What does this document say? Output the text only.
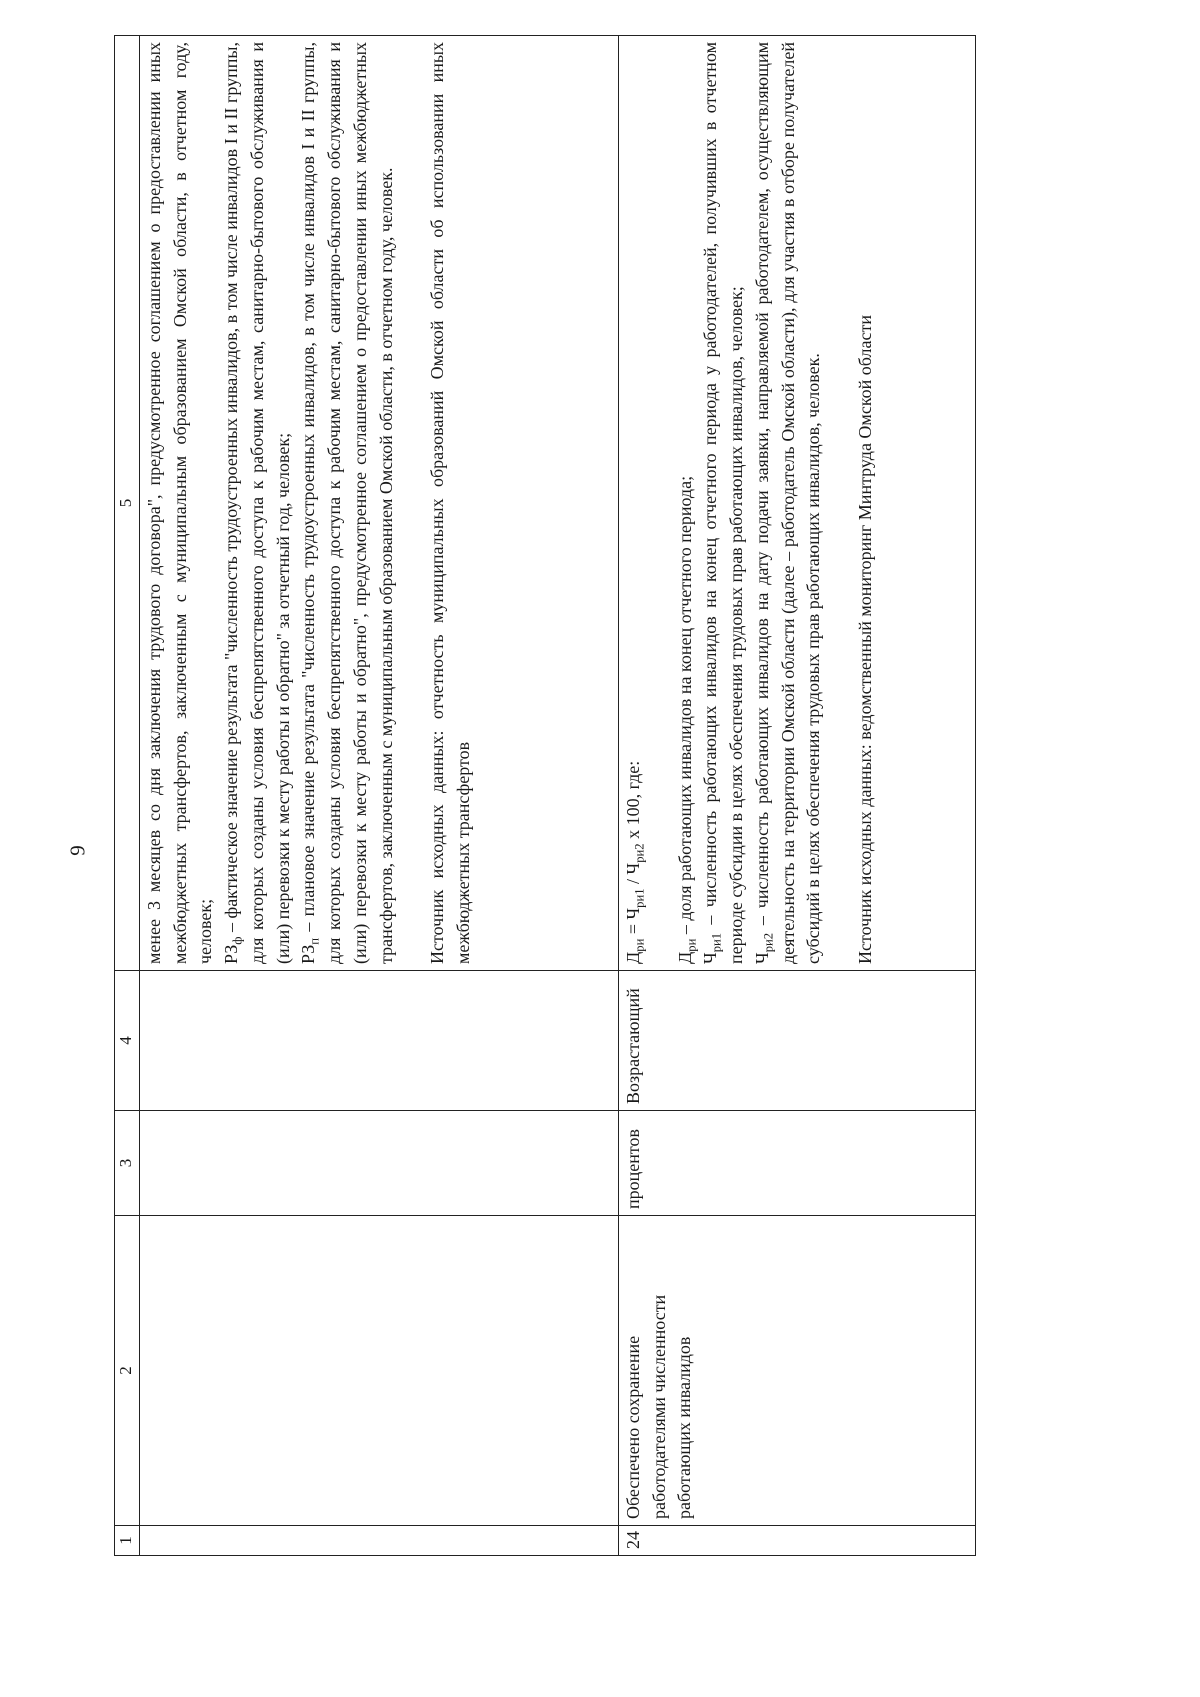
9
1	2	3	4	5

				менее 3 месяцев со дня заключения трудового договора", предусмотренное соглашением о предоставлении иных межбюджетных трансфертов, заключенным с муниципальным образованием Омской области, в отчетном году, человек; $РЗ_ф$ – фактическое значение результата "численность трудоустроенных инвалидов, в том числе инвалидов I и II группы, для которых созданы условия беспрепятственного доступа к рабочим местам, санитарно-бытового обслуживания и (или) перевозки к месту работы и обратно" за отчетный год, человек; $РЗ_п$ – плановое значение результата "численность трудоустроенных инвалидов, в том числе инвалидов I и II группы, для которых созданы условия беспрепятственного доступа к рабочим местам, санитарно-бытового обслуживания и (или) перевозки к месту работы и обратно", предусмотренное соглашением о предоставлении иных межбюджетных трансфертов, заключенным с муниципальным образованием Омской области, в отчетном году, человек. Источник исходных данных: отчетность муниципальных образований Омской области об использовании иных межбюджетных трансфертов

24	Обеспечено сохранение работодателями численности работающих инвалидов	процентов	Возрастающий	$Д_{ри} = Ч_{ри1} / Ч_{ри2}$ x 100, где:

$Д_{ри}$ – доля работающих инвалидов на конец отчетного периода;

$Ч_{ри1}$ – численность работающих инвалидов на конец отчетного периода у работодателей, получивших в отчетном периоде субсидии в целях обеспечения трудовых прав работающих инвалидов, человек; $Ч_{ри2}$ – численность работающих инвалидов на дату подачи заявки, направляемой работодателем, осуществляющим деятельность на территории Омской области (далее – работодатель Омской области), для участия в отборе получателей субсидий в целях обеспечения трудовых прав работающих инвалидов, человек. Источник исходных данных: ведомственный мониторинг Минтруда Омской области
